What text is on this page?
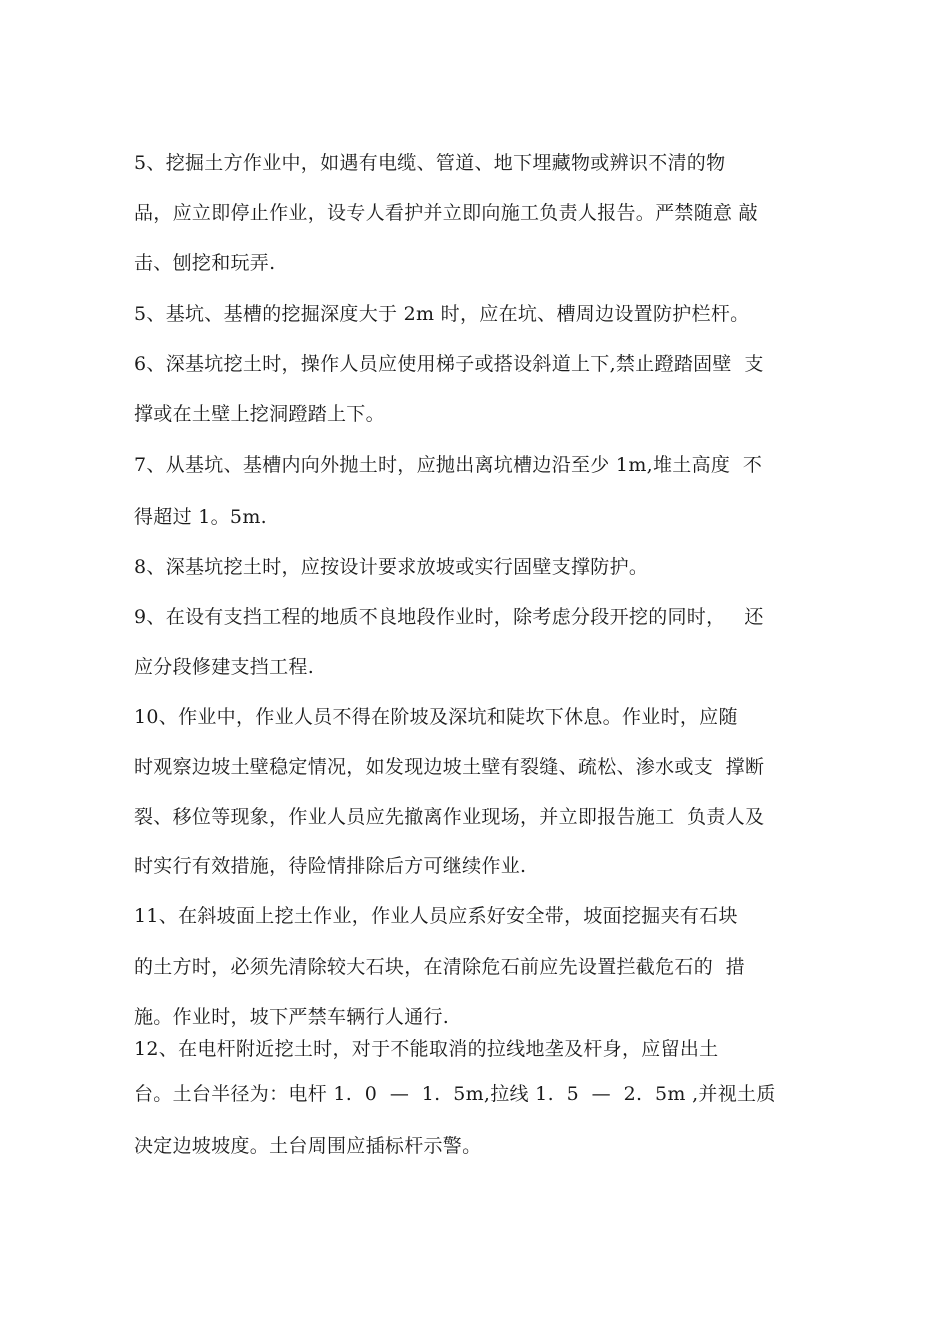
5、挖掘土方作业中，如遇有电缆、管道、地下埋藏物或辨识不清的物
品，应立即停止作业，设专人看护并立即向施工负责人报告。严禁随意 敲
击、刨挖和玩弄.
5、基坑、基槽的挖掘深度大于 2m 时，应在坑、槽周边设置防护栏杆。
6、深基坑挖土时，操作人员应使用梯子或搭设斜道上下,禁止蹬踏固壁  支
撑或在土壁上挖洞蹬踏上下。
7、从基坑、基槽内向外抛土时，应抛出离坑槽边沿至少 1m,堆土高度  不
得超过 1。5m.
8、深基坑挖土时，应按设计要求放坡或实行固壁支撑防护。
9、在设有支挡工程的地质不良地段作业时，除考虑分段开挖的同时，   还
应分段修建支挡工程.
10、作业中，作业人员不得在阶坡及深坑和陡坎下休息。作业时，应随
时观察边坡土壁稳定情况，如发现边坡土壁有裂缝、疏松、渗水或支  撑断
裂、移位等现象，作业人员应先撤离作业现场，并立即报告施工  负责人及
时实行有效措施，待险情排除后方可继续作业.
11、在斜坡面上挖土作业，作业人员应系好安全带，坡面挖掘夹有石块
的土方时，必须先清除较大石块，在清除危石前应先设置拦截危石的  措
施。作业时，坡下严禁车辆行人通行.
12、在电杆附近挖土时，对于不能取消的拉线地垄及杆身，应留出土
台。土台半径为：电杆 1.  0  —  1.  5m,拉线 1.  5  —  2.  5m ,并视土质
决定边坡坡度。土台周围应插标杆示警。
